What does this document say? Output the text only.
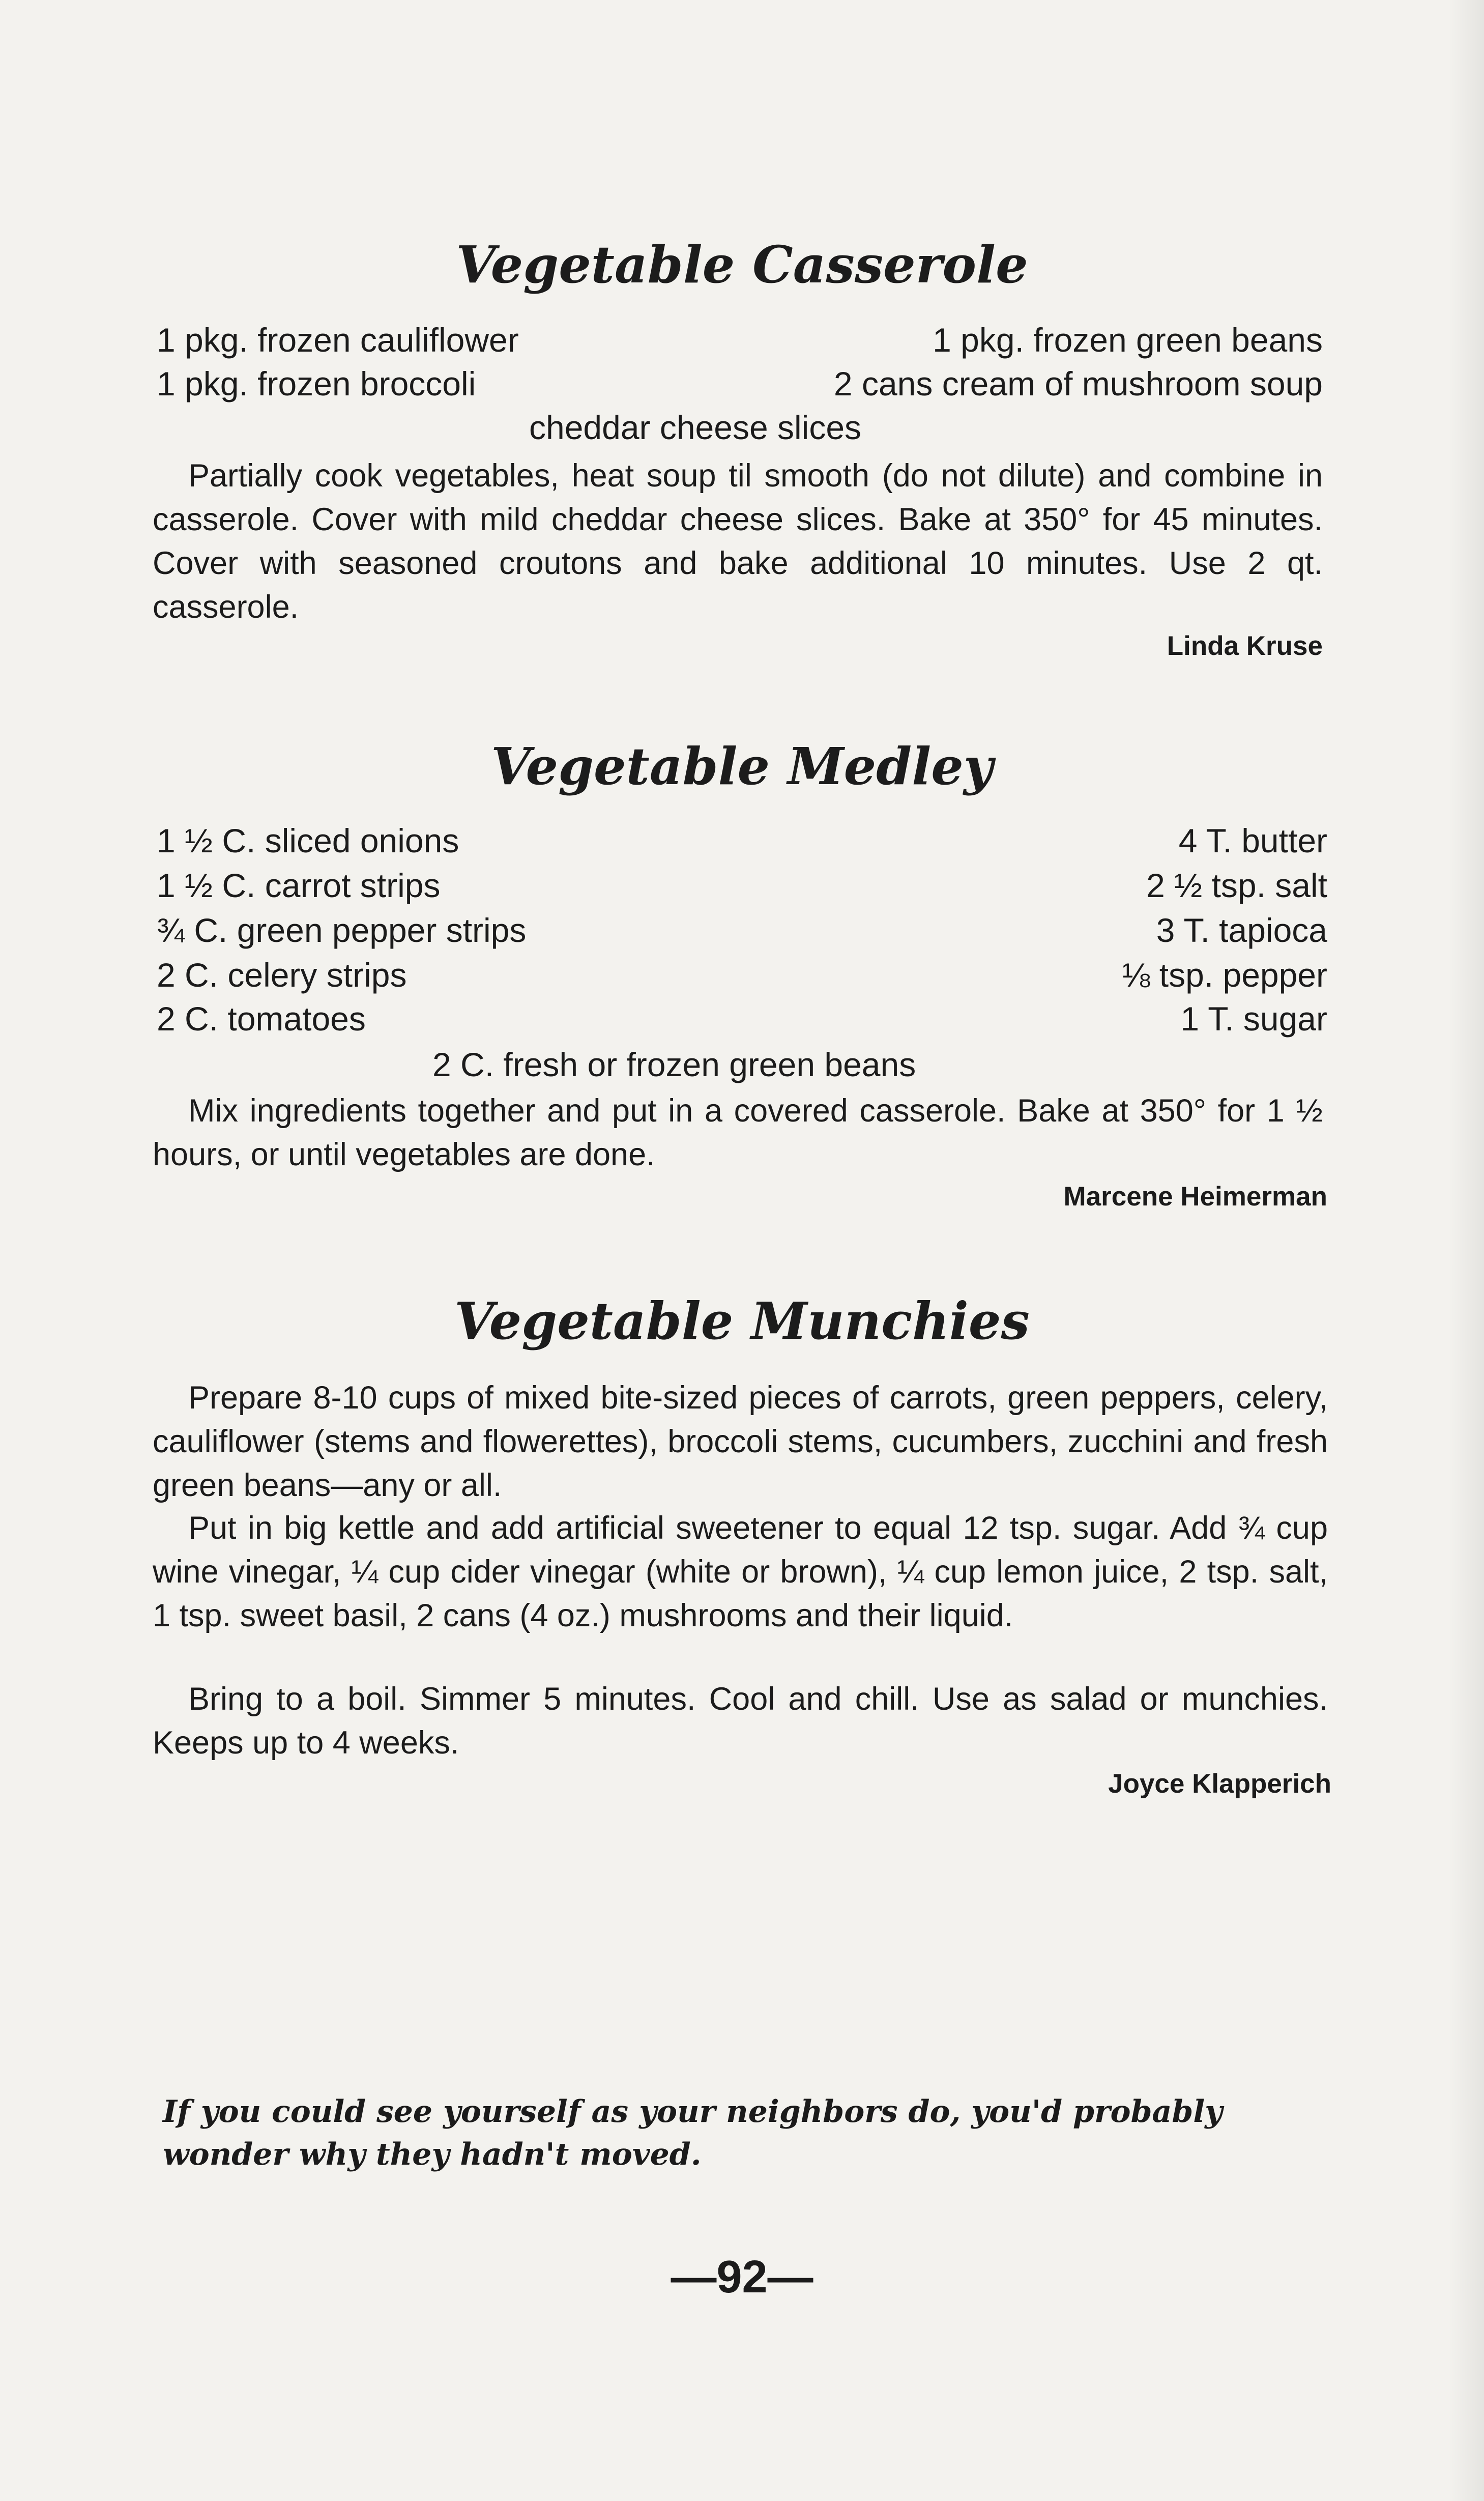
Vegetable Casserole
1 pkg. frozen cauliflower	1 pkg. frozen green beans
1 pkg. frozen broccoli	2 cans cream of mushroom soup
cheddar cheese slices

Partially cook vegetables, heat soup til smooth (do not dilute) and combine in casserole. Cover with mild cheddar cheese slices. Bake at 350° for 45 minutes. Cover with seasoned croutons and bake additional 10 minutes. Use 2 qt. casserole.

Linda Kruse
Vegetable Medley
1 ½ C. sliced onions	4 T. butter
1 ½ C. carrot strips	2 ½ tsp. salt
¾ C. green pepper strips	3 T. tapioca
2 C. celery strips	⅛ tsp. pepper
2 C. tomatoes	1 T. sugar
2 C. fresh or frozen green beans

Mix ingredients together and put in a covered casserole. Bake at 350° for 1 ½ hours, or until vegetables are done.

Marcene Heimerman
Vegetable Munchies

Prepare 8-10 cups of mixed bite-sized pieces of carrots, green peppers, celery, cauliflower (stems and flowerettes), broccoli stems, cucumbers, zucchini and fresh green beans—any or all.

Put in big kettle and add artificial sweetener to equal 12 tsp. sugar. Add ¾ cup wine vinegar, ¼ cup cider vinegar (white or brown), ¼ cup lemon juice, 2 tsp. salt, 1 tsp. sweet basil, 2 cans (4 oz.) mushrooms and their liquid.

Bring to a boil. Simmer 5 minutes. Cool and chill. Use as salad or munchies. Keeps up to 4 weeks.

Joyce Klapperich

If you could see yourself as your neighbors do, you'd probably wonder why they hadn't moved.

—92—
